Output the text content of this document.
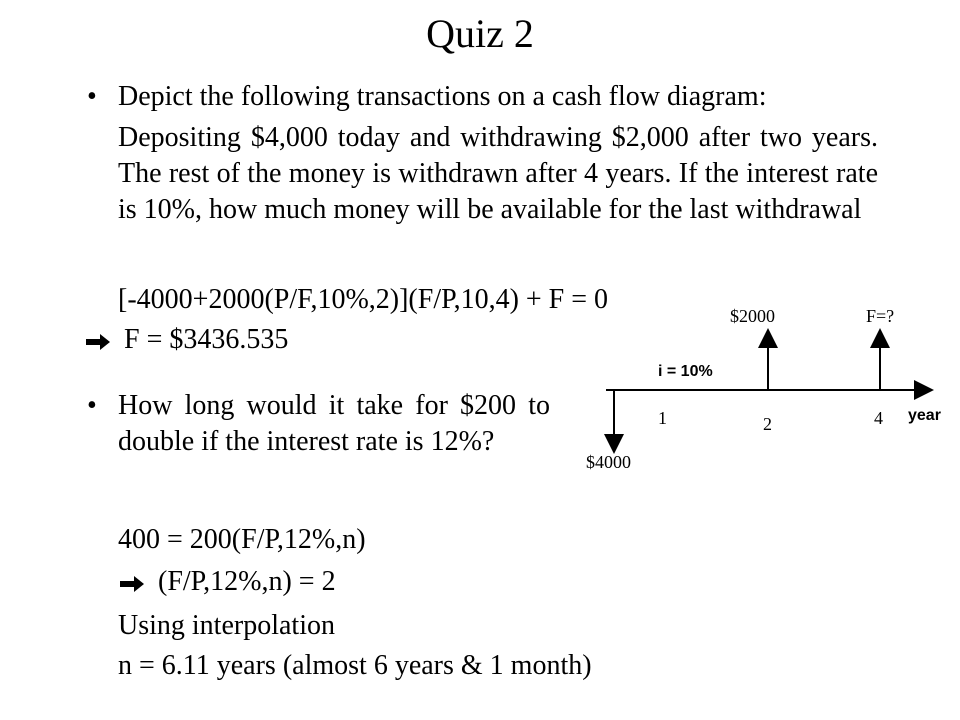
Quiz 2
• Depict the following transactions on a cash flow diagram:
Depositing $4,000 today and withdrawing $2,000 after two years. The rest of the money is withdrawn after 4 years. If the interest rate is 10%, how much money will be available for the last withdrawal
[-4000+2000(P/F,10%,2)](F/P,10,4) + F = 0
F = $3436.535
$2000	F=?
i = 10%
year
1	2	4
$4000
• How long would it take for $200 to double if the interest rate is 12%?
400 = 200(F/P,12%,n)
(F/P,12%,n) = 2
Using interpolation
n = 6.11 years (almost 6 years & 1 month)
